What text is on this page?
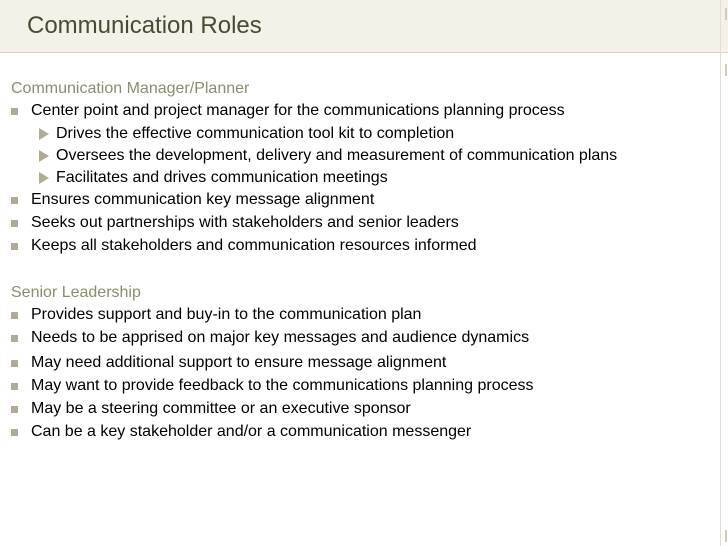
Communication Roles
Communication Manager/Planner
Center point and project manager for the communications planning process
Drives the effective communication tool kit to completion
Oversees the development, delivery and measurement of communication plans
Facilitates and drives communication meetings
Ensures communication key message alignment
Seeks out partnerships with stakeholders and senior leaders
Keeps all stakeholders and communication resources informed
Senior Leadership
Provides support and buy-in to the communication plan
Needs to be apprised on major key messages and audience dynamics
May need additional support to ensure message alignment
May want to provide feedback to the communications planning process
May be a steering committee or an executive sponsor
Can be a key stakeholder and/or a communication messenger
